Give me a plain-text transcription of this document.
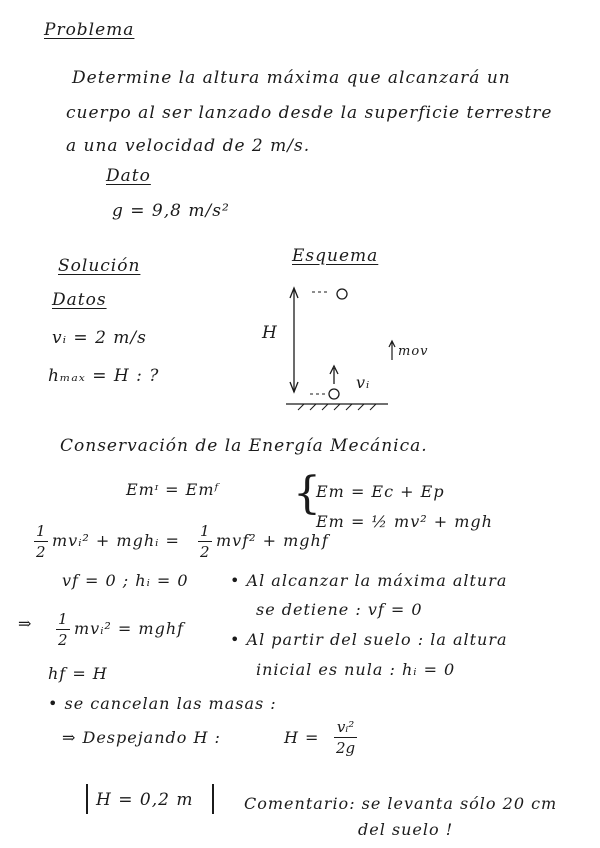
Problema
Determine la altura máxima que alcanzará un
cuerpo al ser lanzado desde la superficie terrestre
a una velocidad de 2 m/s.
Dato
g = 9,8 m/s²
Solución
Datos
vᵢ = 2 m/s
hₘₐₓ = H : ?
Esquema
H
mov
vᵢ
Conservación de la Energía Mecánica.
Emᶦ = Emᶠ {
Em = Ec + Ep
Em = ½ mv² + mgh
1
2
mvᵢ² + mghᵢ = 1
2
mvf² + mghf
vf = 0 ; hᵢ = 0	• Al alcanzar la máxima altura
se detiene : vf = 0
• Al partir del suelo : la altura
inicial es nula : hᵢ = 0
⇒ 1
2
mvᵢ² = mghf
hf = H
• se cancelan las masas :
⇒ Despejando H :	H =
vᵢ²
2g
H = 0,2 m	Comentario: se levanta sólo 20 cm
del suelo !
